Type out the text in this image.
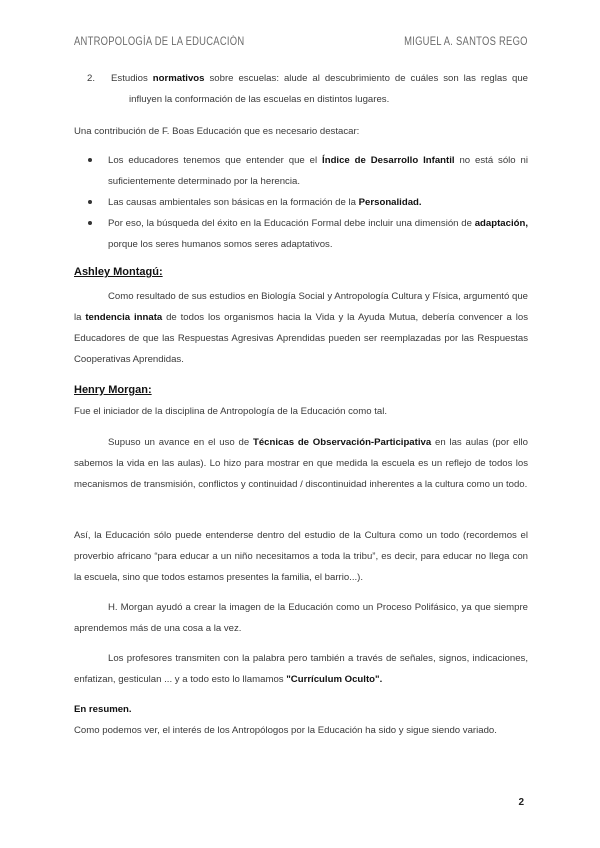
ANTROPOLOGÍA DE LA EDUCACIÓN	MIGUEL A. SANTOS REGO

2. Estudios normativos sobre escuelas: alude al descubrimiento de cuáles son las reglas que influyen la conformación de las escuelas en distintos lugares.

Una contribución de F. Boas Educación que es necesario destacar:

Los educadores tenemos que entender que el Índice de Desarrollo Infantil no está sólo ni suficientemente determinado por la herencia.

Las causas ambientales son básicas en la formación de la Personalidad.

Por eso, la búsqueda del éxito en la Educación Formal debe incluir una dimensión de adaptación, porque los seres humanos somos seres adaptativos.

Ashley Montagú:

Como resultado de sus estudios en Biología Social y Antropología Cultura y Física, argumentó que la tendencia innata de todos los organismos hacia la Vida y la Ayuda Mutua, debería convencer a los Educadores de que las Respuestas Agresivas Aprendidas pueden ser reemplazadas por las Respuestas Cooperativas Aprendidas.

Henry Morgan:

Fue el iniciador de la disciplina de Antropología de la Educación como tal.

Supuso un avance en el uso de Técnicas de Observación-Participativa en las aulas (por ello sabemos la vida en las aulas). Lo hizo para mostrar en que medida la escuela es un reflejo de todos los mecanismos de transmisión, conflictos y continuidad / discontinuidad inherentes a la cultura como un todo.

Así, la Educación sólo puede entenderse dentro del estudio de la Cultura como un todo (recordemos el proverbio africano “para educar a un niño necesitamos a toda la tribu”, es decir, para educar no llega con la escuela, sino que todos estamos presentes la familia, el barrio...).

H. Morgan ayudó a crear la imagen de la Educación como un Proceso Polifásico, ya que siempre aprendemos más de una cosa a la vez.

Los profesores transmiten con la palabra pero también a través de señales, signos, indicaciones, enfatizan, gesticulan ... y a todo esto lo llamamos "Currículum Oculto".

En resumen.

Como podemos ver, el interés de los Antropólogos por la Educación ha sido y sigue siendo variado.

2
